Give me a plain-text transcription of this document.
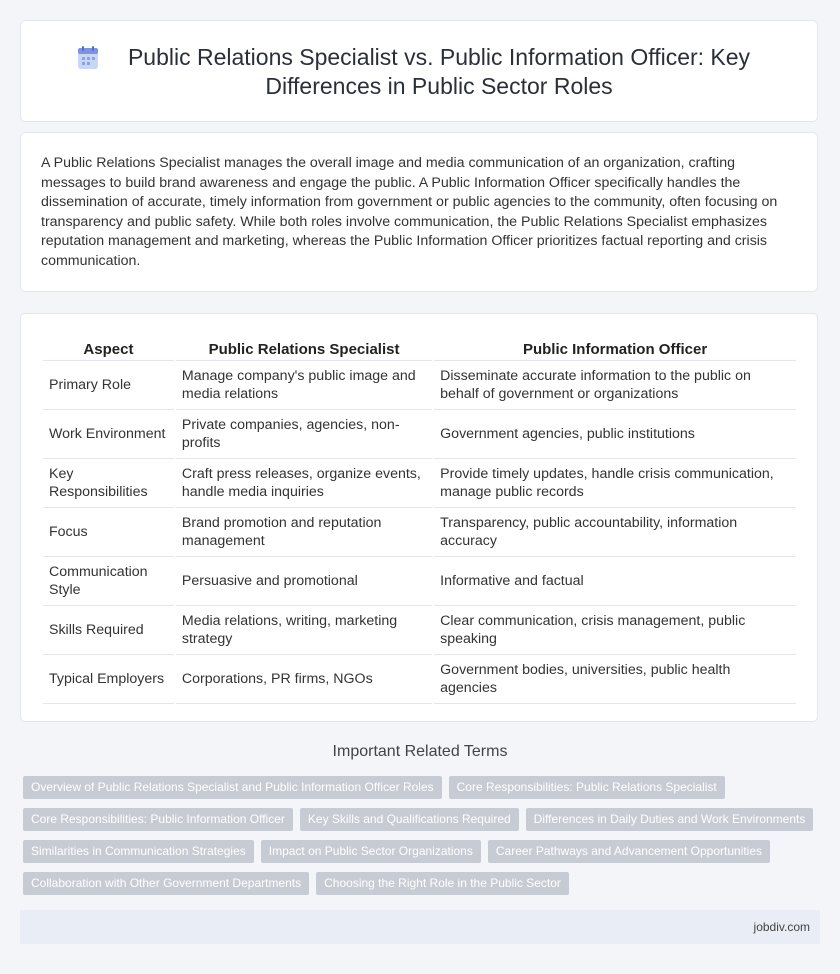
Public Relations Specialist vs. Public Information Officer: Key Differences in Public Sector Roles

A Public Relations Specialist manages the overall image and media communication of an organization, crafting messages to build brand awareness and engage the public. A Public Information Officer specifically handles the dissemination of accurate, timely information from government or public agencies to the community, often focusing on transparency and public safety. While both roles involve communication, the Public Relations Specialist emphasizes reputation management and marketing, whereas the Public Information Officer prioritizes factual reporting and crisis communication.

Aspect	Public Relations Specialist	Public Information Officer
Primary Role	Manage company's public image and media relations	Disseminate accurate information to the public on behalf of government or organizations
Work Environment	Private companies, agencies, non-profits	Government agencies, public institutions
Key Responsibilities	Craft press releases, organize events, handle media inquiries	Provide timely updates, handle crisis communication, manage public records
Focus	Brand promotion and reputation management	Transparency, public accountability, information accuracy
Communication Style	Persuasive and promotional	Informative and factual
Skills Required	Media relations, writing, marketing strategy	Clear communication, crisis management, public speaking
Typical Employers	Corporations, PR firms, NGOs	Government bodies, universities, public health agencies
Important Related Terms
Overview of Public Relations Specialist and Public Information Officer Roles	Core Responsibilities: Public Relations Specialist
Core Responsibilities: Public Information Officer	Key Skills and Qualifications Required	Differences in Daily Duties and Work Environments
Similarities in Communication Strategies	Impact on Public Sector Organizations	Career Pathways and Advancement Opportunities
Collaboration with Other Government Departments	Choosing the Right Role in the Public Sector
jobdiv.com
